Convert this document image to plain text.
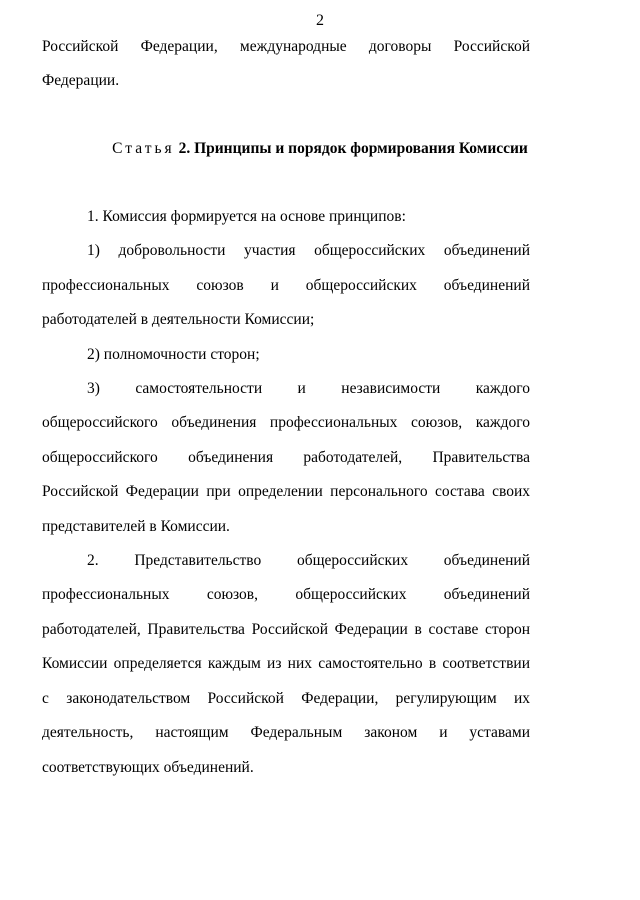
2
Российской Федерации, международные договоры Российской
Федерации.
Статья 2. Принципы и порядок формирования Комиссии
1. Комиссия формируется на основе принципов:
1) добровольности участия общероссийских объединений
профессиональных союзов и общероссийских объединений
работодателей в деятельности Комиссии;
2) полномочности сторон;
3) самостоятельности и независимости каждого
общероссийского объединения профессиональных союзов, каждого
общероссийского объединения работодателей, Правительства
Российской Федерации при определении персонального состава своих
представителей в Комиссии.
2. Представительство общероссийских объединений
профессиональных союзов, общероссийских объединений
работодателей, Правительства Российской Федерации в составе сторон
Комиссии определяется каждым из них самостоятельно в соответствии
с законодательством Российской Федерации, регулирующим их
деятельность, настоящим Федеральным законом и уставами
соответствующих объединений.
